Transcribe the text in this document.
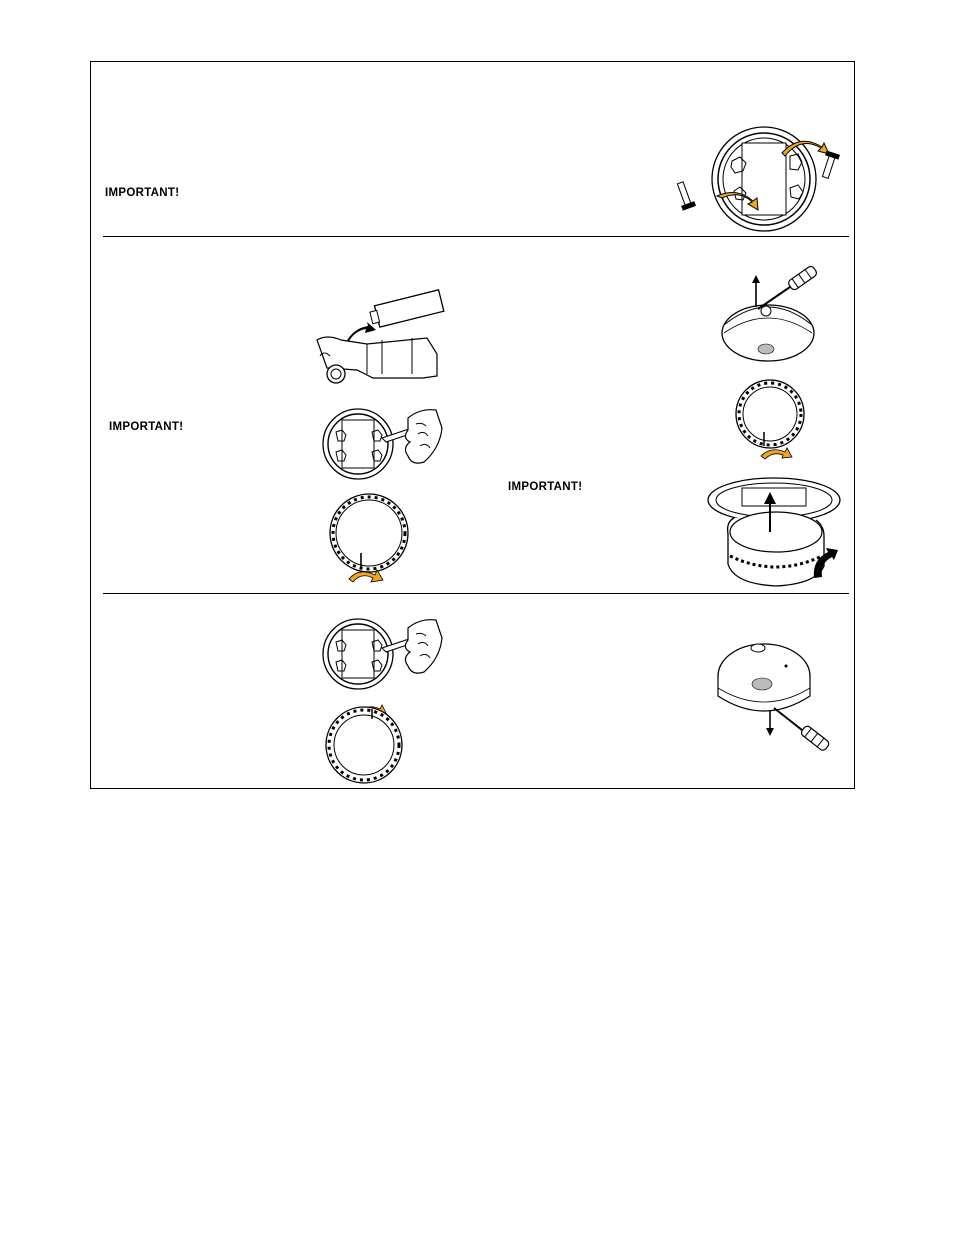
IMPORTANT!
IMPORTANT!
IMPORTANT!
